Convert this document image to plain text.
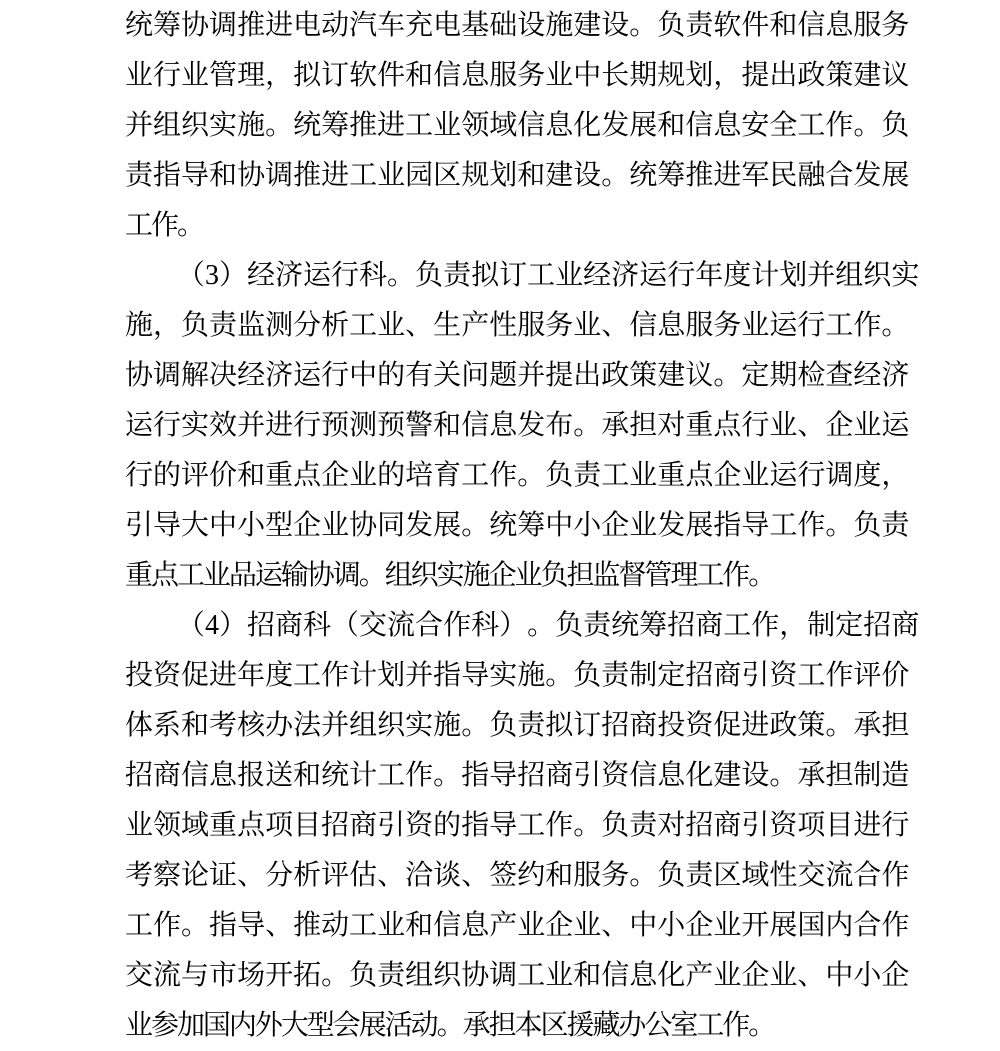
统 筹 协 调 推 进 电 动 汽 车 充 电 基 础 设 施 建 设 。 负 责 软 件 和 信 息 服 务
业 行 业 管 理 ， 拟 订 软 件 和 信 息 服 务 业 中 长 期 规 划 ， 提 出 政 策 建 议
并 组 织 实 施 。 统 筹 推 进 工 业 领 域 信 息 化 发 展 和 信 息 安 全 工 作 。 负
责 指 导 和 协 调 推 进 工 业 园 区 规 划 和 建 设 。 统 筹 推 进 军 民 融 合 发 展
工
作
。
（ 3 ） 经 济 运 行 科 。 负 责 拟 订 工 业 经 济 运 行 年 度 计 划 并 组 织 实
施 ， 负 责 监 测 分 析 工 业 、 生 产 性 服 务 业 、 信 息 服 务 业 运 行 工 作 。
协 调 解 决 经 济 运 行 中 的 有 关 问 题 并 提 出 政 策 建 议 。 定 期 检 查 经 济
运 行 实 效 并 进 行 预 测 预 警 和 信 息 发 布 。 承 担 对 重 点 行 业 、 企 业 运
行 的 评 价 和 重 点 企 业 的 培 育 工 作 。 负 责 工 业 重 点 企 业 运 行 调 度 ，
引 导 大 中 小 型 企 业 协 同 发 展 。 统 筹 中 小 企 业 发 展 指 导 工 作 。 负 责
重
点
工
业
品
运
输
协
调
。
组
织
实
施
企
业
负
担
监
督
管
理
工
作
。
（ 4 ） 招 商 科 （ 交 流 合 作 科 ） 。 负 责 统 筹 招 商 工 作 ， 制 定 招 商
投 资 促 进 年 度 工 作 计 划 并 指 导 实 施 。 负 责 制 定 招 商 引 资 工 作 评 价
体 系 和 考 核 办 法 并 组 织 实 施 。 负 责 拟 订 招 商 投 资 促 进 政 策 。 承 担
招 商 信 息 报 送 和 统 计 工 作 。 指 导 招 商 引 资 信 息 化 建 设 。 承 担 制 造
业 领 域 重 点 项 目 招 商 引 资 的 指 导 工 作 。 负 责 对 招 商 引 资 项 目 进 行
考 察 论 证 、 分 析 评 估 、 洽 谈 、 签 约 和 服 务 。 负 责 区 域 性 交 流 合 作
工 作 。 指 导 、 推 动 工 业 和 信 息 产 业 企 业 、 中 小 企 业 开 展 国 内 合 作
交 流 与 市 场 开 拓 。 负 责 组 织 协 调 工 业 和 信 息 化 产 业 企 业 、 中 小 企
业
参
加
国
内
外
大
型
会
展
活
动
。
承
担
本
区
援
藏
办
公
室
工
作
。
